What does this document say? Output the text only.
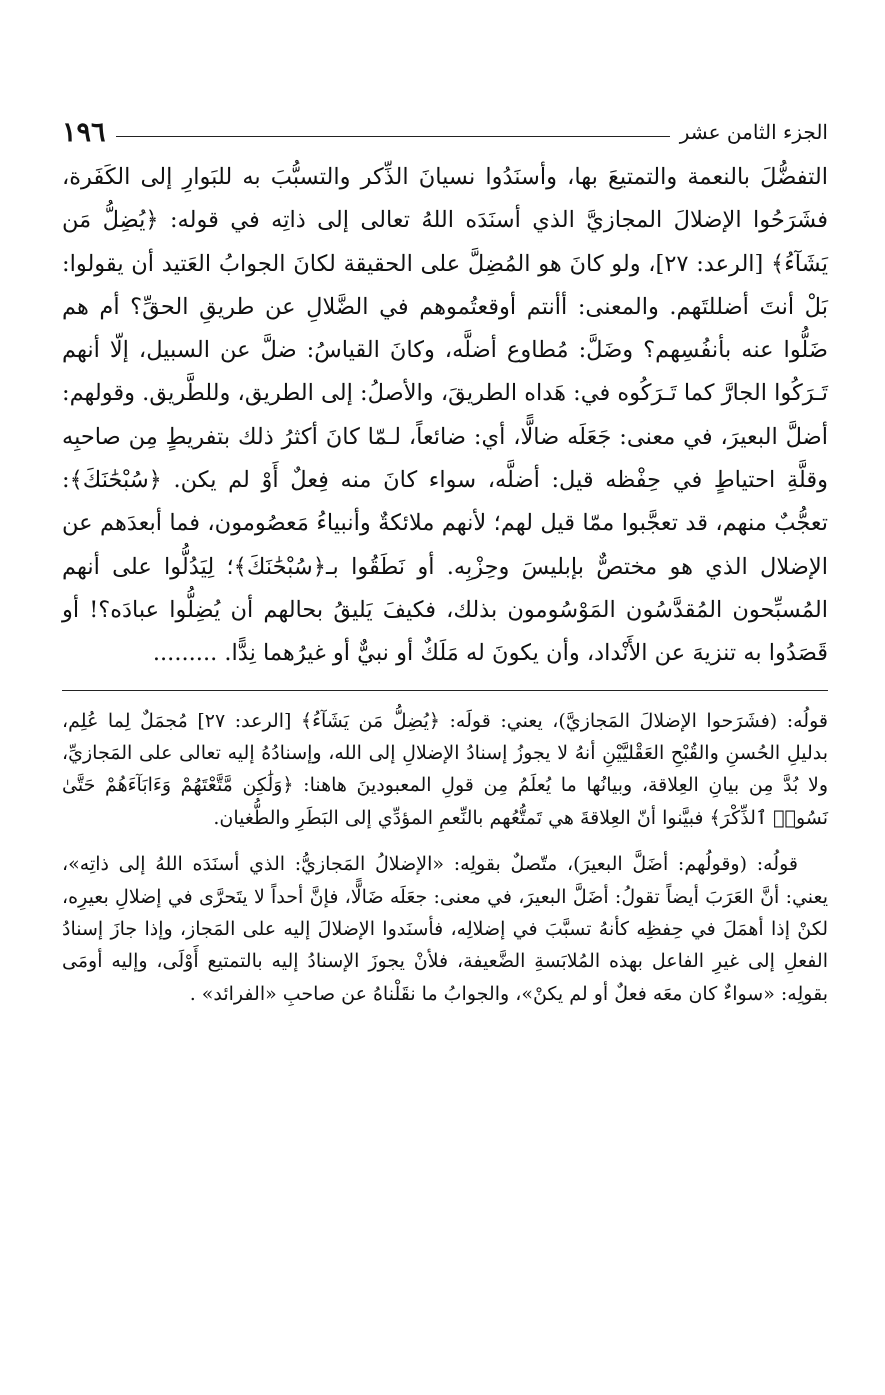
١٩٦	الجزء الثامن عشر

التفضُّلَ بالنعمة والتمتيعَ بها، وأسنَدُوا نسيانَ الذِّكر والتسبُّبَ به للبَوارِ إلى الكَفَرة، فشَرَحُوا الإضلالَ المجازيَّ الذي أسنَدَه اللهُ تعالى إلى ذاتِه في قوله: ﴿يُضِلُّ مَن يَشَآءُ﴾ [الرعد: ٢٧]، ولو كانَ هو المُضِلَّ على الحقيقة لكانَ الجوابُ العَتيد أن يقولوا: بَلْ أنتَ أضللتَهم. والمعنى: أأنتم أوقعتُموهم في الضَّلالِ عن طريقِ الحقِّ؟ أم هم ضَلُّوا عنه بأنفُسِهم؟ وضَلَّ: مُطاوع أضلَّه، وكانَ القياسُ: ضلَّ عن السبيل، إلّا أنهم تَـرَكُوا الجارَّ كما تَـرَكُوه في: هَداه الطريقَ، والأصلُ: إلى الطريق، وللطَّريق. وقولهم: أضلَّ البعيرَ، في معنى: جَعَلَه ضالًّا، أي: ضائعاً، لـمّا كانَ أكثرُ ذلك بتفريطٍ مِن صاحبِه وقلَّةِ احتياطٍ في حِفْظه قيل: أضلَّه، سواء كانَ منه فِعلٌ أَوْ لم يكن. ﴿سُبْحَٰنَكَ﴾: تعجُّبٌ منهم، قد تعجَّبوا ممّا قيل لهم؛ لأنهم ملائكةٌ وأنبياءُ مَعصُومون، فما أبعدَهم عن الإضلال الذي هو مختصٌّ بإبليسَ وحِزْبِه. أو نَطَقُوا بـ﴿سُبْحَٰنَكَ﴾؛ لِيَدُلُّوا على أنهم المُسبِّحون المُقدَّسُون المَوْسُومون بذلك، فكيفَ يَليقُ بحالهم أن يُضِلُّوا عبادَه؟! أو قَصَدُوا به تنزيهَ عن الأَنْداد، وأن يكونَ له مَلَكٌ أو نبيٌّ أو غيرُهما نِدًّا. .........

قولُه: (فشَرَحوا الإضلالَ المَجازيَّ)، يعني: قولَه: ﴿يُضِلُّ مَن يَشَآءُ﴾ [الرعد: ٢٧] مُجمَلٌ لِما عُلِم، بدليلِ الحُسنِ والقُبْحِ العَقْليَّيْنِ أنهُ لا يجوزُ إسنادُ الإضلالِ إلى الله، وإسنادُهُ إليه تعالى على المَجازيِّ، ولا بُدَّ مِن بيانِ العِلاقة، وبيانُها ما يُعلَمُ مِن قولِ المعبودينَ هاهنا: ﴿وَلَٰكِن مَّتَّعْتَهُمْ وَءَابَآءَهُمْ حَتَّىٰ نَسُوا۟ ٱلذِّكْرَ﴾ فبيَّنوا أنّ العِلاقةَ هي تَمتُّعُهم بالنِّعمِ المؤدِّي إلى البَطَرِ والطُّغيان.

قولُه: (وقولُهم: أضَلَّ البعيرَ)، متّصلٌ بقولِه: «الإضلالُ المَجازيُّ: الذي أسنَدَه اللهُ إلى ذاتِه»، يعني: أنَّ العَرَبَ أيضاً تقولُ: أضَلَّ البعيرَ، في معنى: جعَلَه ضَالًّا، فإنَّ أحداً لا يتَحرَّى في إضلالِ بعيرِه، لكنْ إذا أهمَلَ في حِفظِه كأنهُ تسبَّبَ في إضلالِه، فأسنَدوا الإضلالَ إليه على المَجاز، وإذا جازَ إسنادُ الفعلِ إلى غيرِ الفاعل بهذه المُلابَسةِ الضَّعيفة، فلأنْ يجوزَ الإسنادُ إليه بالتمتيع أَوْلَى، وإليه أومَى بقولِه: «سواءٌ كان معَه فعلٌ أو لم يكنْ»، والجوابُ ما نقَلْناهُ عن صاحبِ «الفرائد» .
